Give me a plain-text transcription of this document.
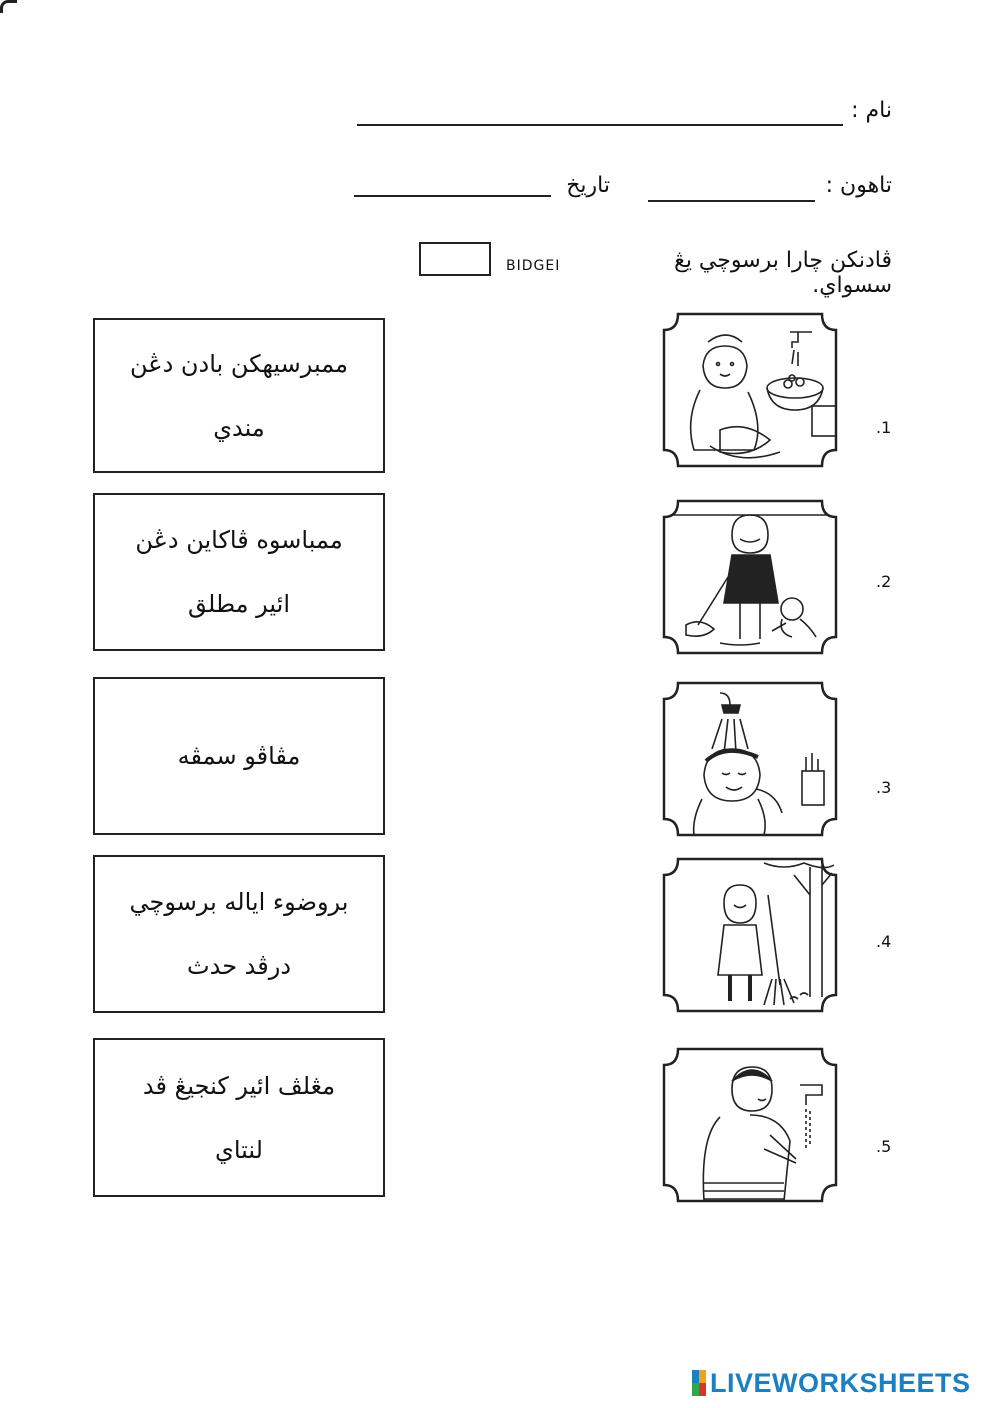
نام :
تاهون :
تاريخ
ڤادنکن چارا برسوچي يڠ سسواي.
BIDGEI
ممبرسيهکن بادن دڠن
مندي
ممباسوه ڤاکاين دڠن
ائير مطلق
مڤاڤو سمڤه
بروضوء اياله برسوچي
درڤد حدث
مڠلڤ ائير کنجيڠ ڤد
لنتاي
.1
.2
.3
.4
.5
LIVEWORKSHEETS
